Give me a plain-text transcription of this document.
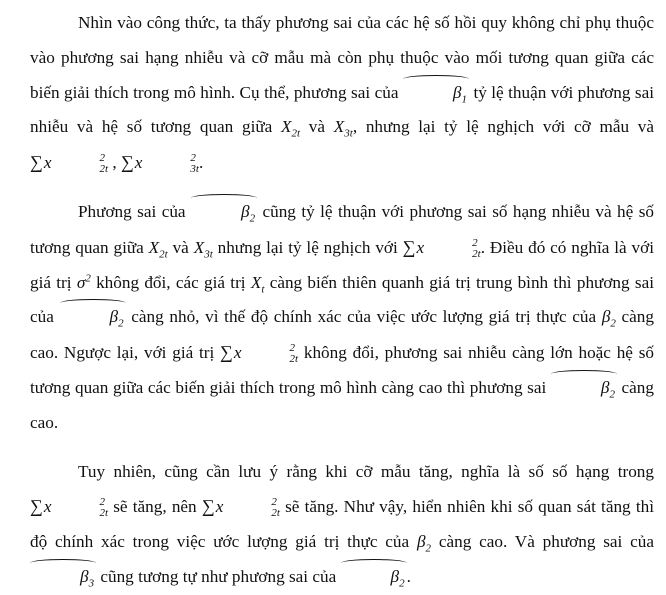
Nhìn vào công thức, ta thấy phương sai của các hệ số hồi quy không chỉ phụ thuộc vào phương sai hạng nhiễu và cỡ mẫu mà còn phụ thuộc vào mối tương quan giữa các biến giải thích trong mô hình. Cụ thể, phương sai của	$\beta_1$ tỷ lệ thuận với phương sai nhiễu và hệ số tương quan giữa $X_{2t}$ và $X_{3t}$, nhưng lại tỷ lệ nghịch với cỡ mẫu và ∑x	2
2t , ∑x	2
3t .

Phương sai của	$\beta_2$ cũng tỷ lệ thuận với phương sai số hạng nhiễu và hệ số tương quan giữa $X_{2t}$ và $X_{3t}$ nhưng lại tỷ lệ nghịch với ∑x	2
2t . Điều đó có nghĩa là với giá trị $\sigma^2$ không đổi, các giá trị $X_t$ càng biến thiên quanh giá trị trung bình thì phương sai của	$\beta_2$ càng nhỏ, vì thế độ chính xác của việc ước lượng giá trị thực của $\beta_2$ càng cao. Ngược lại, với giá trị ∑x	2
2t không đổi, phương sai nhiễu càng lớn hoặc hệ số tương quan giữa các biến giải thích trong mô hình càng cao thì phương sai	$\beta_2$ càng cao.

Tuy nhiên, cũng cần lưu ý rằng khi cỡ mẫu tăng, nghĩa là số số hạng trong ∑x	2
2t sẽ tăng, nên ∑x	2
2t sẽ tăng. Như vậy, hiển nhiên khi số quan sát tăng thì độ chính xác trong việc ước lượng giá trị thực của $\beta_2$ càng cao. Và phương sai của $\beta_3$ cũng tương tự như phương sai của	$\beta_2$ .
